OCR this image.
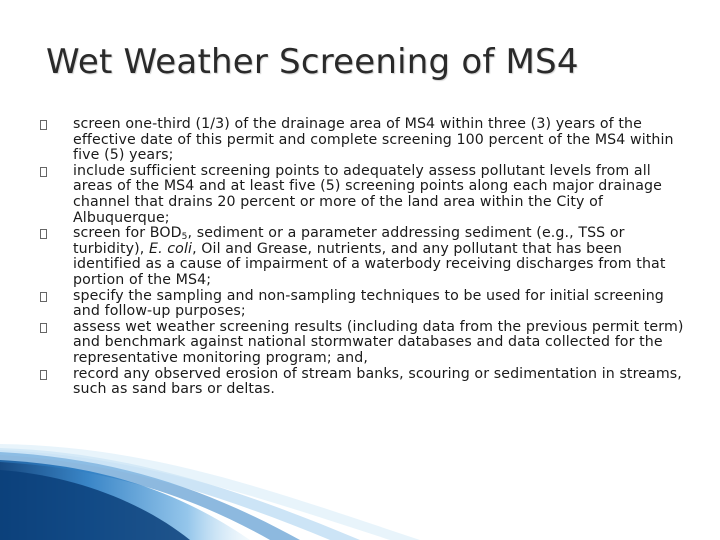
Wet Weather Screening of MS4
screen one-third (1/3) of the drainage area of MS4 within three (3) years of the effective date of this permit and complete screening 100 percent of the MS4 within five (5) years;
include sufficient screening points to adequately assess pollutant levels from all areas of the MS4 and at least five (5) screening points along each major drainage channel that drains 20 percent or more of the land area within the City of Albuquerque;
screen for $BOD_5$, sediment or a parameter addressing sediment (e.g., TSS or turbidity), E. coli, Oil and Grease, nutrients, and any pollutant that has been identified as a cause of impairment of a waterbody receiving discharges from that portion of the MS4;
specify the sampling and non-sampling techniques to be used for initial screening and follow-up purposes;
assess wet weather screening results (including data from the previous permit term) and benchmark against national stormwater databases and data collected for the representative monitoring program; and,
record any observed erosion of stream banks, scouring or sedimentation in streams, such as sand bars or deltas.
